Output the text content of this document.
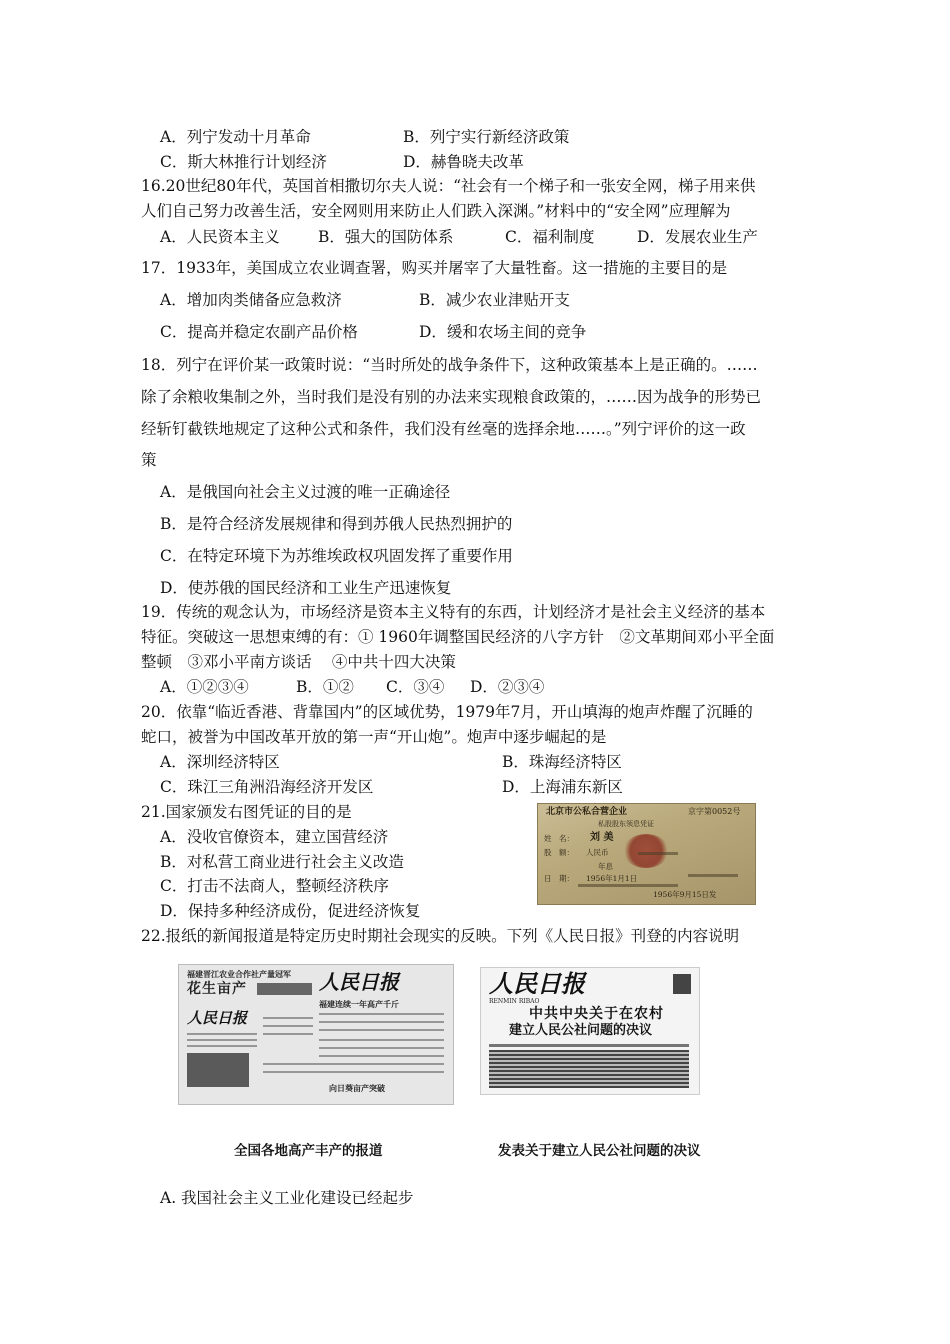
A．列宁发动十月革命	B．列宁实行新经济政策
C．斯大林推行计划经济	D．赫鲁晓夫改革
16.20世纪80年代，英国首相撒切尔夫人说：“社会有一个梯子和一张安全网，梯子用来供
人们自己努力改善生活，安全网则用来防止人们跌入深渊。”材料中的“安全网”应理解为
A．人民资本主义 B．强大的国防体系	C．福利制度	D．发展农业生产
17．1933年，美国成立农业调查署，购买并屠宰了大量牲畜。这一措施的主要目的是
A．增加肉类储备应急救济	B．减少农业津贴开支
C．提高并稳定农副产品价格	D．缓和农场主间的竞争
18．列宁在评价某一政策时说：“当时所处的战争条件下，这种政策基本上是正确的。……
除了余粮收集制之外，当时我们是没有别的办法来实现粮食政策的，……因为战争的形势已
经斩钉截铁地规定了这种公式和条件，我们没有丝毫的选择余地……。”列宁评价的这一政
策
A．是俄国向社会主义过渡的唯一正确途径
B．是符合经济发展规律和得到苏俄人民热烈拥护的
C．在特定环境下为苏维埃政权巩固发挥了重要作用
D．使苏俄的国民经济和工业生产迅速恢复
19．传统的观念认为，市场经济是资本主义特有的东西，计划经济才是社会主义经济的基本
特征。突破这一思想束缚的有：① 1960年调整国民经济的八字方针　②文革期间邓小平全面
整顿　③邓小平南方谈话　 ④中共十四大决策
A．①②③④	B．①② C．③④ D．②③④
20．依靠“临近香港、背靠国内”的区域优势，1979年7月，开山填海的炮声炸醒了沉睡的
蛇口，被誉为中国改革开放的第一声“开山炮”。炮声中逐步崛起的是
A．深圳经济特区	B．珠海经济特区
C．珠江三角洲沿海经济开发区	D．上海浦东新区
21.国家颁发右图凭证的目的是
A．没收官僚资本，建立国营经济
B．对私营工商业进行社会主义改造
C．打击不法商人，整顿经济秩序
D．保持多种经济成份，促进经济恢复
北京市公私合营企业	京字第0052号
私股股东领息凭证
姓　名： 刘 美
股　额： 人民币
年息
日　期： 1956年1月1日
1956年9月15日发
22.报纸的新闻报道是特定历史时期社会现实的反映。下列《人民日报》刊登的内容说明
福建晋江农业合作社产量冠军
花生亩产	人民日报
福建连续一年高产千斤
人民日报
向日葵亩产突破
人民日报
RENMIN RIBAO
中共中央关于在农村
建立人民公社问题的决议
全国各地高产丰产的报道	发表关于建立人民公社问题的决议
A. 我国社会主义工业化建设已经起步
